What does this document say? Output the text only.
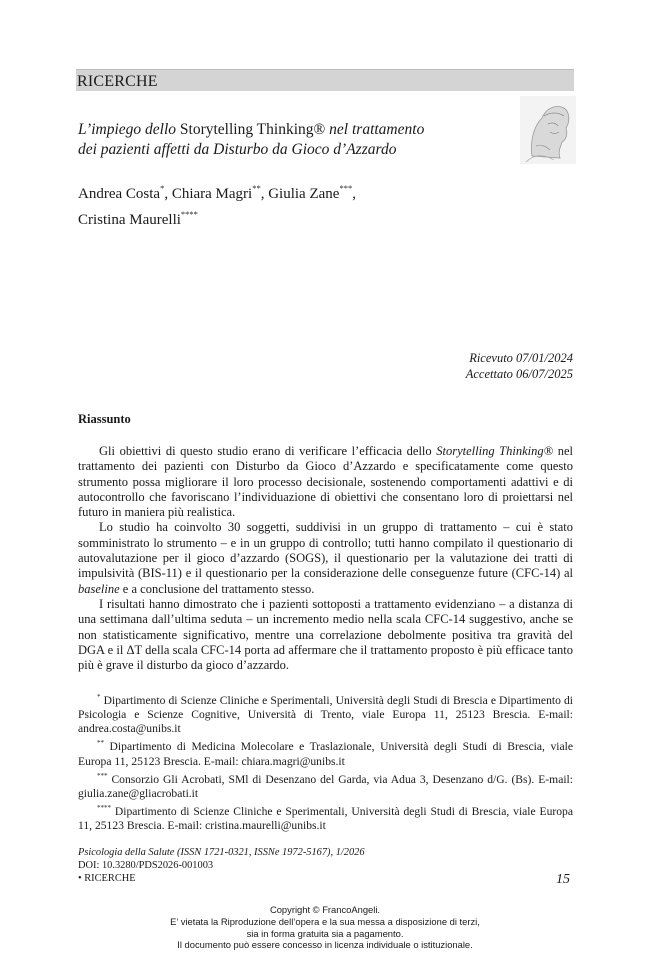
RICERCHE
L’impiego dello Storytelling Thinking® nel trattamento
dei pazienti affetti da Disturbo da Gioco d’Azzardo
Andrea Costa*, Chiara Magri**, Giulia Zane***,
Cristina Maurelli****
Ricevuto 07/01/2024
Accettato 06/07/2025
Riassunto

Gli obiettivi di questo studio erano di verificare l’efficacia dello Storytelling Thinking® nel trattamento dei pazienti con Disturbo da Gioco d’Azzardo e specificatamente come questo strumento possa migliorare il loro processo decisionale, sostenendo comportamenti adattivi e di autocontrollo che favoriscano l’individuazione di obiettivi che consentano loro di proiettarsi nel futuro in maniera più realistica.

Lo studio ha coinvolto 30 soggetti, suddivisi in un gruppo di trattamento – cui è stato somministrato lo strumento – e in un gruppo di controllo; tutti hanno compilato il questionario di autovalutazione per il gioco d’azzardo (SOGS), il questionario per la valutazione dei tratti di impulsività (BIS-11) e il questionario per la considerazione delle conseguenze future (CFC-14) al baseline e a conclusione del trattamento stesso.

I risultati hanno dimostrato che i pazienti sottoposti a trattamento evidenziano – a distanza di una settimana dall’ultima seduta – un incremento medio nella scala CFC-14 suggestivo, anche se non statisticamente significativo, mentre una correlazione debolmente positiva tra gravità del DGA e il ΔT della scala CFC-14 porta ad affermare che il trattamento proposto è più efficace tanto più è grave il disturbo da gioco d’azzardo.

* Dipartimento di Scienze Cliniche e Sperimentali, Università degli Studi di Brescia e Dipartimento di Psicologia e Scienze Cognitive, Università di Trento, viale Europa 11, 25123 Brescia. E-mail: andrea.costa@unibs.it

** Dipartimento di Medicina Molecolare e Traslazionale, Università degli Studi di Brescia, viale Europa 11, 25123 Brescia. E-mail: chiara.magri@unibs.it

*** Consorzio Gli Acrobati, SMl di Desenzano del Garda, via Adua 3, Desenzano d/G. (Bs). E-mail: giulia.zane@gliacrobati.it

**** Dipartimento di Scienze Cliniche e Sperimentali, Università degli Studi di Brescia, viale Europa 11, 25123 Brescia. E-mail: cristina.maurelli@unibs.it

Psicologia della Salute (ISSN 1721-0321, ISSNe 1972-5167), 1/2026
DOI: 10.3280/PDS2026-001003
• RICERCHE	15
Copyright © FrancoAngeli.
E’ vietata la Riproduzione dell’opera e la sua messa a disposizione di terzi,
sia in forma gratuita sia a pagamento.
Il documento può essere concesso in licenza individuale o istituzionale.
